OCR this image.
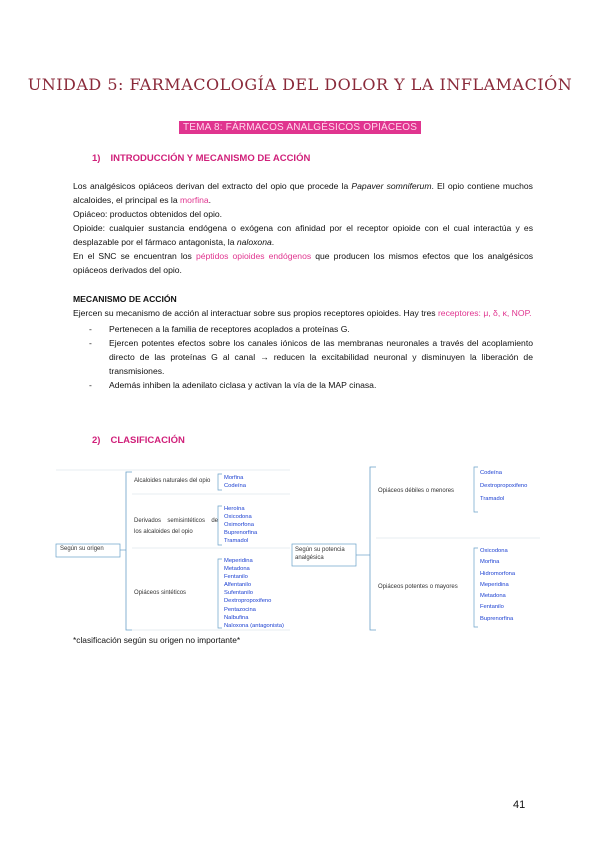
UNIDAD 5: FARMACOLOGÍA DEL DOLOR Y LA INFLAMACIÓN
TEMA 8: FÁRMACOS ANALGÉSICOS OPIÁCEOS
1) INTRODUCCIÓN Y MECANISMO DE ACCIÓN

Los analgésicos opiáceos derivan del extracto del opio que procede la Papaver somniferum. El opio contiene muchos alcaloides, el principal es la morfina.

Opiáceo: productos obtenidos del opio.

Opioide: cualquier sustancia endógena o exógena con afinidad por el receptor opioide con el cual interactúa y es desplazable por el fármaco antagonista, la naloxona.

En el SNC se encuentran los péptidos opioides endógenos que producen los mismos efectos que los analgésicos opiáceos derivados del opio.

MECANISMO DE ACCIÓN
Ejercen su mecanismo de acción al interactuar sobre sus propios receptores opioides. Hay tres receptores: μ, δ, κ, NOP.
- Pertenecen a la familia de receptores acoplados a proteínas G.
- Ejercen potentes efectos sobre los canales iónicos de las membranas neuronales a través del acoplamiento directo de las proteínas G al canal → reducen la excitabilidad neuronal y disminuyen la liberación de transmisiones.
- Además inhiben la adenilato ciclasa y activan la vía de la MAP cinasa.
2) CLASIFICACIÓN
Según su origen
Alcaloides naturales del opio Morfina
Codeína
Derivados semisintéticos de los alcaloides del opio
Heroína
Oxicodona
Oximorfona
Buprenorfina
Tramadol
Opiáceos sintéticos
Meperidina
Metadona
Fentanilo
Alfentanilo
Sufentanilo
Dextropropoxifeno
Pentazocina
Nalbufina
Naloxona (antagonista)
Según su potencia analgésica
Opiáceos débiles o menores
Codeína
Dextropropoxifeno
Tramadol
Opiáceos potentes o mayores
Oxicodona
Morfina
Hidromorfona
Meperidina
Metadona
Fentanilo
Buprenorfina
*clasificación según su origen no importante*
41
